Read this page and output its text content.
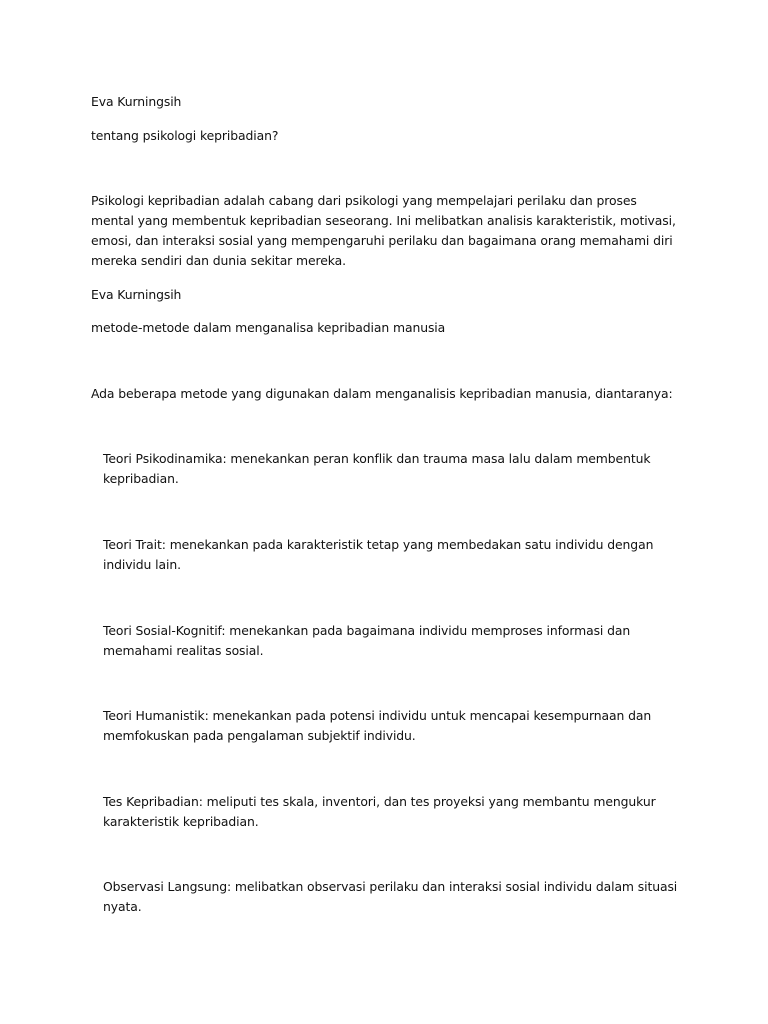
Eva Kurningsih

tentang psikologi kepribadian?

Psikologi kepribadian adalah cabang dari psikologi yang mempelajari perilaku dan proses mental yang membentuk kepribadian seseorang. Ini melibatkan analisis karakteristik, motivasi, emosi, dan interaksi sosial yang mempengaruhi perilaku dan bagaimana orang memahami diri mereka sendiri dan dunia sekitar mereka.

Eva Kurningsih

metode-metode dalam menganalisa kepribadian manusia

Ada beberapa metode yang digunakan dalam menganalisis kepribadian manusia, diantaranya:

Teori Psikodinamika: menekankan peran konflik dan trauma masa lalu dalam membentuk kepribadian.

Teori Trait: menekankan pada karakteristik tetap yang membedakan satu individu dengan individu lain.

Teori Sosial-Kognitif: menekankan pada bagaimana individu memproses informasi dan memahami realitas sosial.

Teori Humanistik: menekankan pada potensi individu untuk mencapai kesempurnaan dan memfokuskan pada pengalaman subjektif individu.

Tes Kepribadian: meliputi tes skala, inventori, dan tes proyeksi yang membantu mengukur karakteristik kepribadian.

Observasi Langsung: melibatkan observasi perilaku dan interaksi sosial individu dalam situasi nyata.
